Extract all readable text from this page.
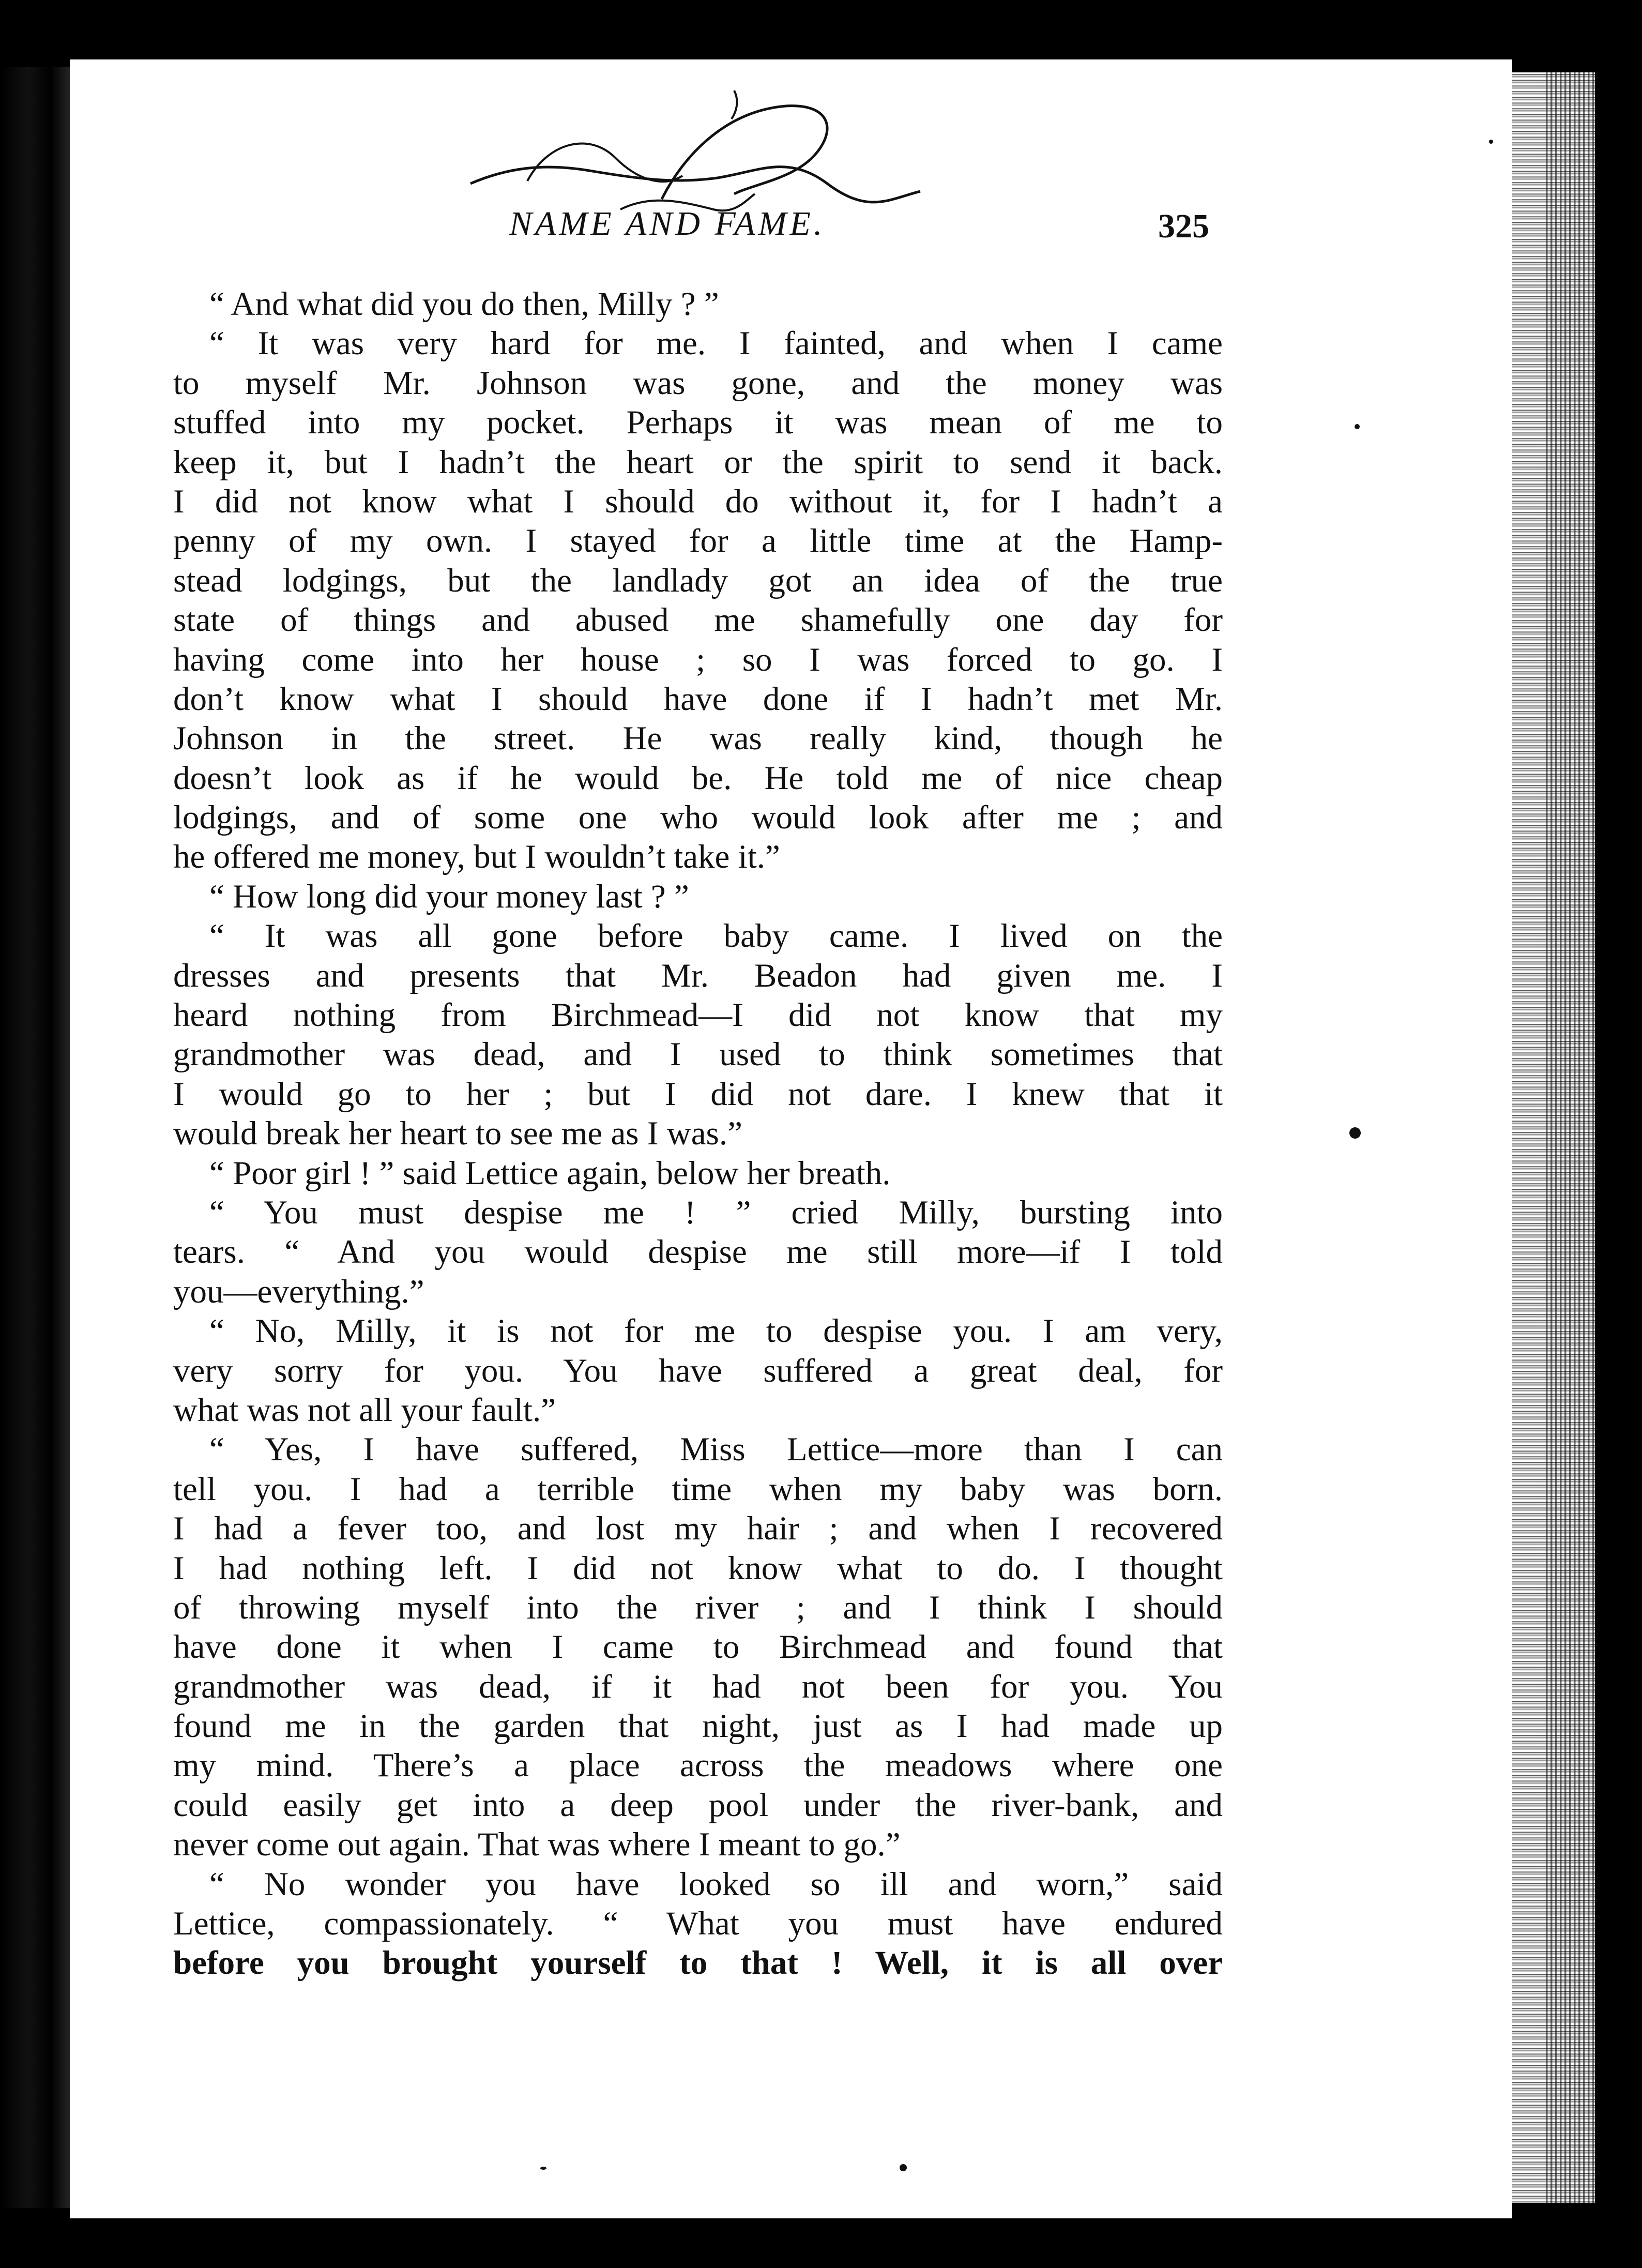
NAME AND FAME.	325
“ And what did you do then, Milly ? ”
“ It was very hard for me. I fainted, and when I came
to myself Mr. Johnson was gone, and the money was
stuffed into my pocket. Perhaps it was mean of me to
keep it, but I hadn’t the heart or the spirit to send it back.
I did not know what I should do without it, for I hadn’t a
penny of my own. I stayed for a little time at the Hamp-
stead lodgings, but the landlady got an idea of the true
state of things and abused me shamefully one day for
having come into her house ; so I was forced to go. I
don’t know what I should have done if I hadn’t met Mr.
Johnson in the street. He was really kind, though he
doesn’t look as if he would be. He told me of nice cheap
lodgings, and of some one who would look after me ; and
he offered me money, but I wouldn’t take it.”
“ How long did your money last ? ”
“ It was all gone before baby came. I lived on the
dresses and presents that Mr. Beadon had given me. I
heard nothing from Birchmead—I did not know that my
grandmother was dead, and I used to think sometimes that
I would go to her ; but I did not dare. I knew that it
would break her heart to see me as I was.”
“ Poor girl ! ” said Lettice again, below her breath.
“ You must despise me ! ” cried Milly, bursting into
tears. “ And you would despise me still more—if I told
you—everything.”
“ No, Milly, it is not for me to despise you. I am very,
very sorry for you. You have suffered a great deal, for
what was not all your fault.”
“ Yes, I have suffered, Miss Lettice—more than I can
tell you. I had a terrible time when my baby was born.
I had a fever too, and lost my hair ; and when I recovered
I had nothing left. I did not know what to do. I thought
of throwing myself into the river ; and I think I should
have done it when I came to Birchmead and found that
grandmother was dead, if it had not been for you. You
found me in the garden that night, just as I had made up
my mind. There’s a place across the meadows where one
could easily get into a deep pool under the river-bank, and
never come out again. That was where I meant to go.”
“ No wonder you have looked so ill and worn,” said
Lettice, compassionately. “ What you must have endured
before you brought yourself to that ! Well, it is all over
